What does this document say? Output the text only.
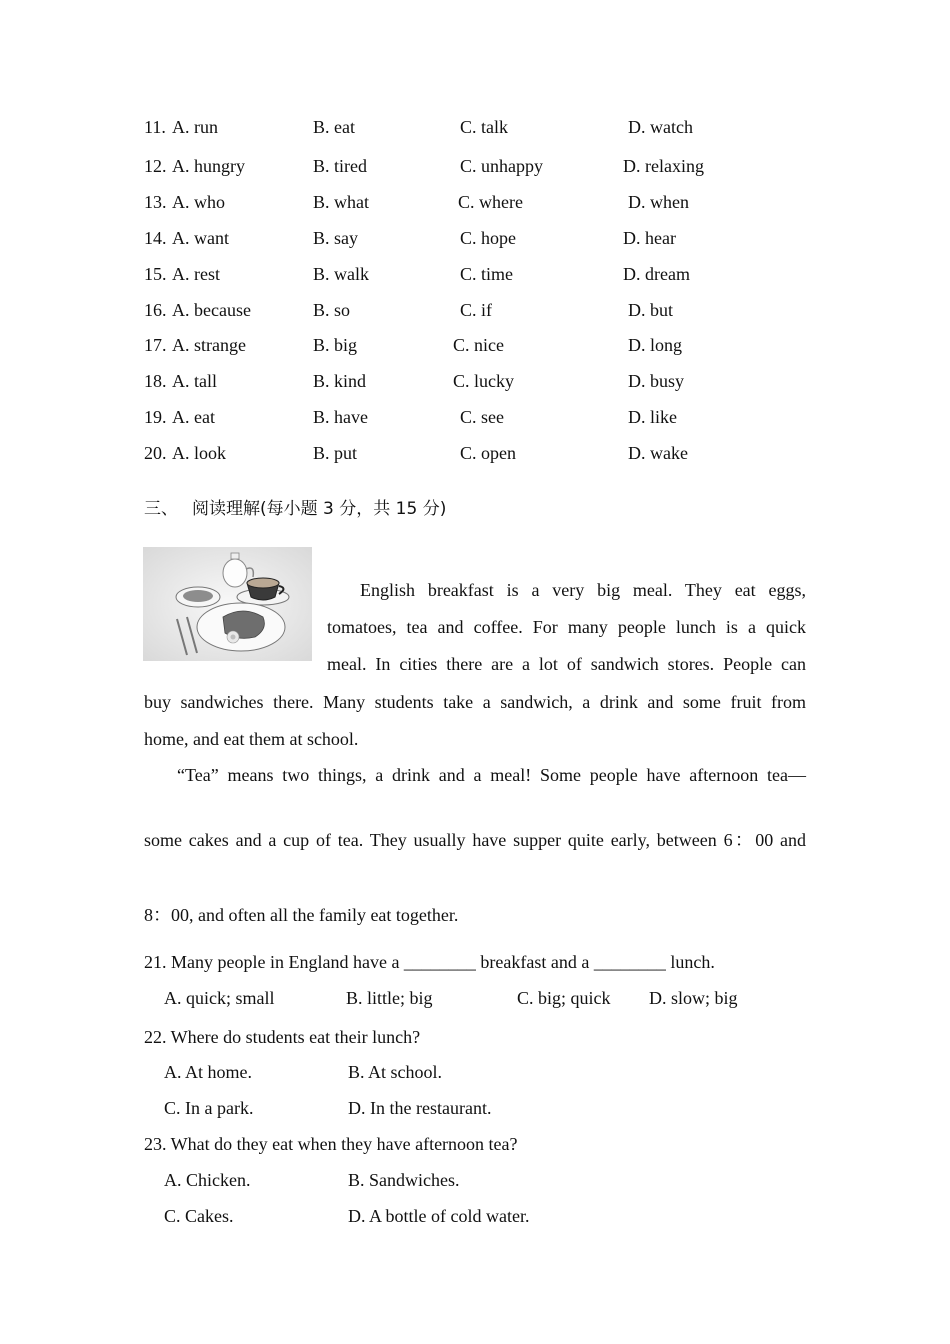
11. A. run	B. eat	C. talk	D. watch
12. A. hungry	B. tired	C. unhappy	D. relaxing
13. A. who	B. what	C. where	D. when
14. A. want	B. say	C. hope	D. hear
15. A. rest	B. walk	C. time	D. dream
16. A. because	B. so	C. if	D. but
17. A. strange	B. big	C. nice	D. long
18. A. tall	B. kind	C. lucky	D. busy
19. A. eat	B. have	C. see	D. like
20. A. look	B. put	C. open	D. wake
三、 阅读理解(每小题 3 分，共 15 分)
English breakfast is a very big meal. They eat eggs,
tomatoes, tea and coffee. For many people lunch is a quick
meal. In cities there are a lot of sandwich stores. People can
buy sandwiches there. Many students take a sandwich, a drink and some fruit from
home, and eat them at school.
“Tea” means two things, a drink and a meal! Some people have afternoon tea—
some cakes and a cup of tea. They usually have supper quite early, between 6：00 and
8：00, and often all the family eat together.
21. Many people in England have a ________ breakfast and a ________ lunch.
A. quick; small	B. little; big	C. big; quick D. slow; big
22. Where do students eat their lunch?
A. At home.	B. At school.
C. In a park.	D. In the restaurant.
23. What do they eat when they have afternoon tea?
A. Chicken.	B. Sandwiches.
C. Cakes.	D. A bottle of cold water.
